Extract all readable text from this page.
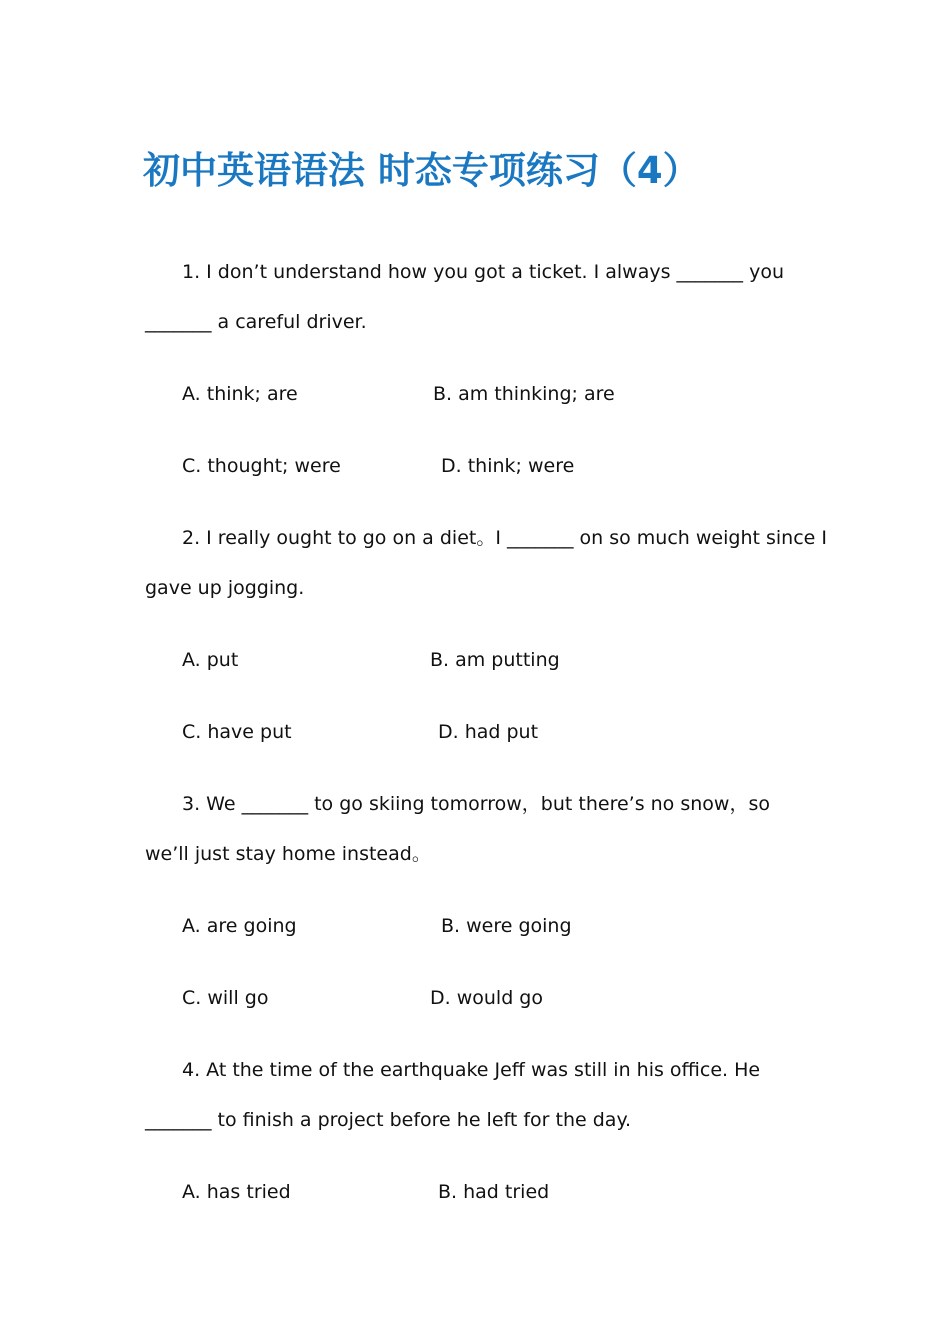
初中英语语法 时态专项练习（4）
1. I don’t understand how you got a ticket. I always _______ you
_______ a careful driver.
A. think; are	B. am thinking; are
C. thought; were	D. think; were
2. I really ought to go on a diet。I _______ on so much weight since I
gave up jogging.
A. put	B. am putting
C. have put	D. had put
3. We _______ to go skiing tomorrow，but there’s no snow，so
we’ll just stay home instead。
A. are going	B. were going
C. will go	D. would go
4. At the time of the earthquake Jeff was still in his office. He
_______ to finish a project before he left for the day.
A. has tried	B. had tried
